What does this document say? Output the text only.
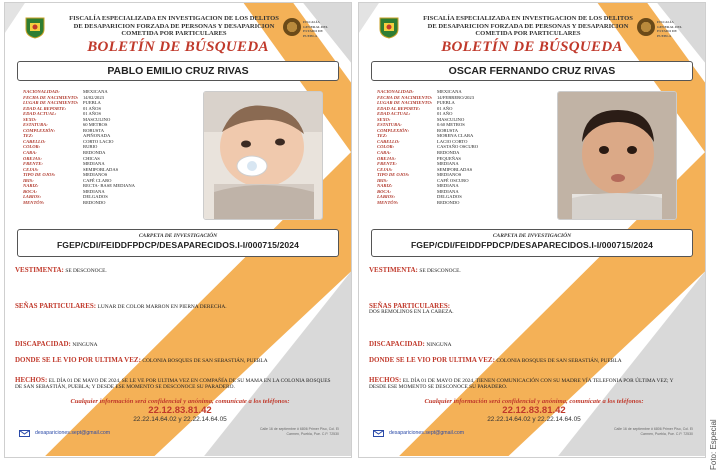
FISCALÍA GENERAL DEL ESTADO DE PUEBLA
FISCALÍA ESPECIALIZADA EN INVESTIGACION DE LOS DELITOS
DE DESAPARICION FORZADA DE PERSONAS Y DESAPARICION
COMETIDA POR PARTICULARES
BOLETÍN DE BÚSQUEDA
PABLO EMILIO CRUZ RIVAS
NACIONALIDAD:	MEXICANA
FECHA DE NACIMIENTO:	14/02/2023
LUGAR DE NACIMIENTO:	PUEBLA
EDAD AL REPORTE:	01 AÑOS
EDAD ACTUAL:	01 AÑOS
SEXO:	MASCULINO
ESTATURA:	60 METROS
COMPLEXIÓN:	ROBUSTA
TEZ:	APIÑONADA
CABELLO:	CORTO LACIO
COLOR:	RUBIO
CARA:	REDONDA
OREJAS:	CHICAS
FRENTE:	MEDIANA
CEJAS:	SEMIPOBLADAS
TIPO DE OJOS:	MEDIANOS
IRIS:	CAFÉ CLARO
NARIZ:	RECTA- BASE MEDIANA
BOCA:	MEDIANA
LABIOS:	DELGADOS
MENTÓN:	REDONDO
CARPETA DE INVESTIGACIÓN
FGEP/CDI/FEIDDFPDCP/DESAPARECIDOS.I-I/000715/2024
VESTIMENTA: SE DESCONOCE.
SEÑAS PARTICULARES: LUNAR DE COLOR MARRON EN PIERNA DERECHA.
DISCAPACIDAD: NINGUNA
DONDE SE LE VIO POR ULTIMA VEZ: COLONIA BOSQUES DE SAN SEBASTIÁN, PUEBLA
HECHOS: EL DÍA 01 DE MAYO DE 2024, SE LE VE POR ULTIMA VEZ EN COMPAÑÍA DE SU MAMA EN LA COLONIA BOSQUES DE SAN SEBASTIÁN, PUEBLA; Y DESDE ESE MOMENTO SE DESCONOCE SU PARADERO.
Cualquier información será confidencial y anónima, comunícate a los teléfonos:
22.12.83.81.42
22.22.14.64.02 y 22.22.14.64.05
desapariciones.sept@gmail.com
Calle 16 de septiembre # 6806 Primer Piso, Col. El Carmen, Puebla, Pue. C.P. 72530
FISCALÍA GENERAL DEL ESTADO DE PUEBLA
FISCALÍA ESPECIALIZADA EN INVESTIGACION DE LOS DELITOS
DE DESAPARICION FORZADA DE PERSONAS Y DESAPARICION
COMETIDA POR PARTICULARES
BOLETÍN DE BÚSQUEDA
OSCAR FERNANDO CRUZ RIVAS
NACIONALIDAD:	MEXICANA
FECHA DE NACIMIENTO:	14/FEBRERO/2023
LUGAR DE NACIMIENTO:	PUEBLA
EDAD AL REPORTE:	01 AÑO
EDAD ACTUAL:	01 AÑO
SEXO:	MASCULINO
ESTATURA:	0.60 METROS
COMPLEXIÓN:	ROBUSTA
TEZ:	MORENA CLARA
CABELLO:	LACIO CORTO
COLOR:	CASTAÑO OSCURO
CARA:	REDONDA
OREJAS:	PEQUEÑAS
FRENTE:	MEDIANA
CEJAS:	SEMIPOBLADAS
TIPO DE OJOS:	MEDIANOS
IRIS:	CAFÉ OSCURO
NARIZ:	MEDIANA
BOCA:	MEDIANA
LABIOS:	DELGADOS
MENTÓN:	REDONDO
CARPETA DE INVESTIGACIÓN
FGEP/CDI/FEIDDFPDCP/DESAPARECIDOS.I-I/000715/2024
VESTIMENTA: SE DESCONOCE.
SEÑAS PARTICULARES:
DOS REMOLINOS EN LA CABEZA.
DISCAPACIDAD: NINGUNA
DONDE SE LE VIO POR ULTIMA VEZ: COLONIA BOSQUES DE SAN SEBASTIÁN, PUEBLA
HECHOS: EL DÍA 01 DE MAYO DE 2024, TIENEN COMUNICACIÓN CON SU MADRE VÍA TELEFONIA POR ÚLTIMA VEZ; Y DESDE ESE MOMENTO SE DESCONOCE SU PARADERO.
Cualquier información será confidencial y anónima, comunícate a los teléfonos:
22.12.83.81.42
22.22.14.64.02 y 22.22.14.64.05
desapariciones.sept@gmail.com
Calle 16 de septiembre # 6806 Primer Piso, Col. El Carmen, Puebla, Pue. C.P. 72530 Foto: Especial
